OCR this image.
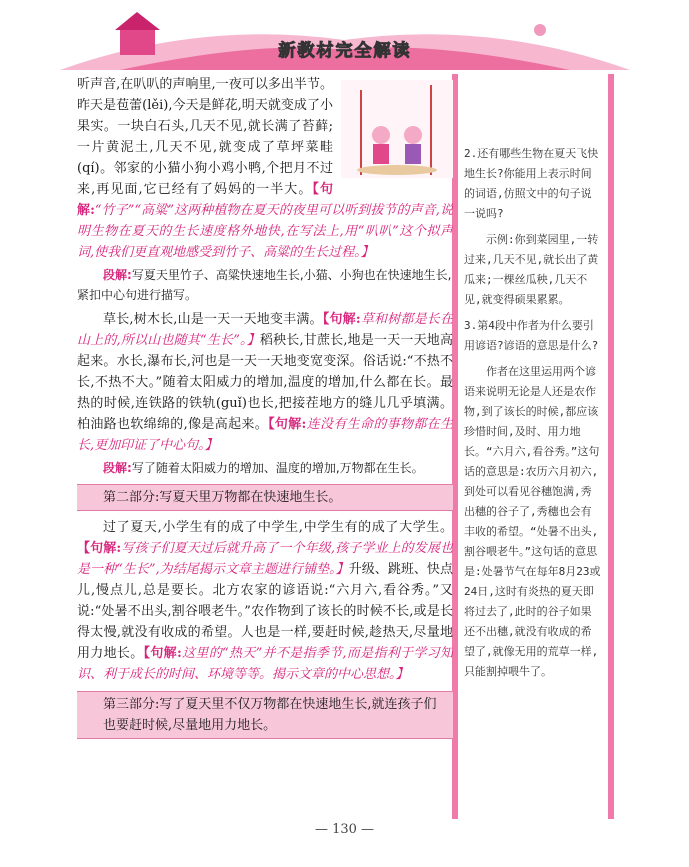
新教材完全解读

听声音,在叭叭的声响里,一夜可以多出半节。昨天是苞蕾(lěi),今天是鲜花,明天就变成了小果实。一块白石头,几天不见,就长满了苔藓;一片黄泥土,几天不见,就变成了草坪菜畦(qí)。邻家的小猫小狗小鸡小鸭,个把月不过来,再见面,它已经有了妈妈的一半大。【句解:“竹子”“高粱”这两种植物在夏天的夜里可以听到拔节的声音,说明生物在夏天的生长速度格外地快,在写法上,用“叭叭”这个拟声词,使我们更直观地感受到竹子、高粱的生长过程。】

段解:写夏天里竹子、高粱快速地生长,小猫、小狗也在快速地生长,紧扣中心句进行描写。

草长,树木长,山是一天一天地变丰满。【句解:草和树都是长在山上的,所以山也随其“生长”。】稻秧长,甘蔗长,地是一天一天地高起来。水长,瀑布长,河也是一天一天地变宽变深。俗话说:“不热不长,不热不大。”随着太阳威力的增加,温度的增加,什么都在长。最热的时候,连铁路的铁轨(guǐ)也长,把接茬地方的缝儿几乎填满。柏油路也软绵绵的,像是高起来。【句解:连没有生命的事物都在生长,更加印证了中心句。】

段解:写了随着太阳威力的增加、温度的增加,万物都在生长。

第二部分:写夏天里万物都在快速地生长。

过了夏天,小学生有的成了中学生,中学生有的成了大学生。【句解:写孩子们夏天过后就升高了一个年级,孩子学业上的发展也是一种“生长”,为结尾揭示文章主题进行铺垫。】升级、跳班、快点儿,慢点儿,总是要长。北方农家的谚语说:“六月六,看谷秀。”又说:“处暑不出头,割谷喂老牛。”农作物到了该长的时候不长,或是长得太慢,就没有收成的希望。人也是一样,要赶时候,趁热天,尽量地用力地长。【句解:这里的“热天”并不是指季节,而是指利于学习知识、利于成长的时间、环境等等。揭示文章的中心思想。】

第三部分:写了夏天里不仅万物都在快速地生长,就连孩子们也要赶时候,尽量地用力地长。

2.还有哪些生物在夏天飞快地生长?你能用上表示时间的词语,仿照文中的句子说一说吗?

示例:你到菜园里,一转过来,几天不见,就长出了黄瓜来;一棵丝瓜秧,几天不见,就变得硕果累累。

3.第4段中作者为什么要引用谚语?谚语的意思是什么?

作者在这里运用两个谚语来说明无论是人还是农作物,到了该长的时候,都应该珍惜时间,及时、用力地长。“六月六,看谷秀。”这句话的意思是:农历六月初六,到处可以看见谷穗饱满,秀出穗的谷子了,秀穗也会有丰收的希望。“处暑不出头,割谷喂老牛。”这句话的意思是:处暑节气在每年8月23或24日,这时有炎热的夏天即将过去了,此时的谷子如果还不出穗,就没有收成的希望了,就像无用的荒草一样,只能割掉喂牛了。

— 130 —
